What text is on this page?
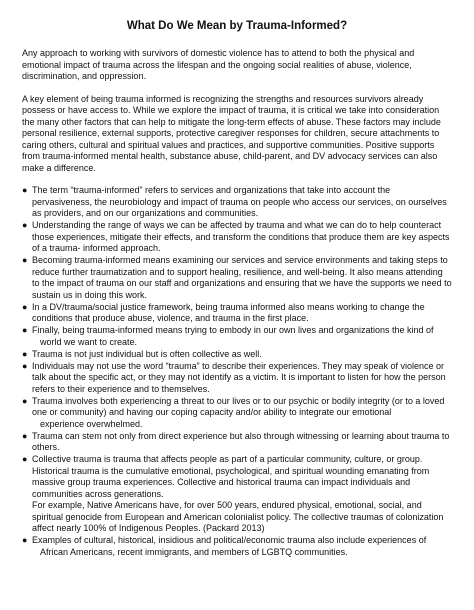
What Do We Mean by Trauma-Informed?

Any approach to working with survivors of domestic violence has to attend to both the physical and emotional impact of trauma across the lifespan and the ongoing social realities of abuse, violence, discrimination, and oppression.

A key element of being trauma informed is recognizing the strengths and resources survivors already possess or have access to. While we explore the impact of trauma, it is critical we take into consideration the many other factors that can help to mitigate the long-term effects of abuse. These factors may include personal resilience, external supports, protective caregiver responses for children, secure attachments to caring others, cultural and spiritual values and practices, and supportive communities. Positive supports from trauma-informed mental health, substance abuse, child-parent, and DV advocacy services can also make a difference.

● The term “trauma-informed” refers to services and organizations that take into account the pervasiveness, the neurobiology and impact of trauma on people who access our services, on ourselves as providers, and on our organizations and communities.
● Understanding the range of ways we can be affected by trauma and what we can do to help counteract those experiences, mitigate their effects, and transform the conditions that produce them are key aspects of a trauma- informed approach.
● Becoming trauma-informed means examining our services and service environments and taking steps to reduce further traumatization and to support healing, resilience, and well-being. It also means attending to the impact of trauma on our staff and organizations and ensuring that we have the supports we need to sustain us in doing this work.
● In a DV/trauma/social justice framework, being trauma informed also means working to change the conditions that produce abuse, violence, and trauma in the first place.
● Finally, being trauma-informed means trying to embody in our own lives and organizations the kind of world we want to create.
● Trauma is not just individual but is often collective as well.
● Individuals may not use the word “trauma” to describe their experiences. They may speak of violence or talk about the specific act, or they may not identify as a victim. It is important to listen for how the person refers to their experience and to themselves.
● Trauma involves both experiencing a threat to our lives or to our psychic or bodily integrity (or to a loved one or community) and having our coping capacity and/or ability to integrate our emotional
experience overwhelmed.
● Trauma can stem not only from direct experience but also through witnessing or learning about trauma to others.
● Collective trauma is trauma that affects people as part of a particular community, culture, or group. Historical trauma is the cumulative emotional, psychological, and spiritual wounding emanating from massive group trauma experiences. Collective and historical trauma can impact individuals and communities across generations.
For example, Native Americans have, for over 500 years, endured physical, emotional, social, and spiritual genocide from European and American colonialist policy. The collective traumas of colonization affect nearly 100% of Indigenous Peoples. (Packard 2013)
● Examples of cultural, historical, insidious and political/economic trauma also include experiences of
African Americans, recent immigrants, and members of LGBTQ communities.
